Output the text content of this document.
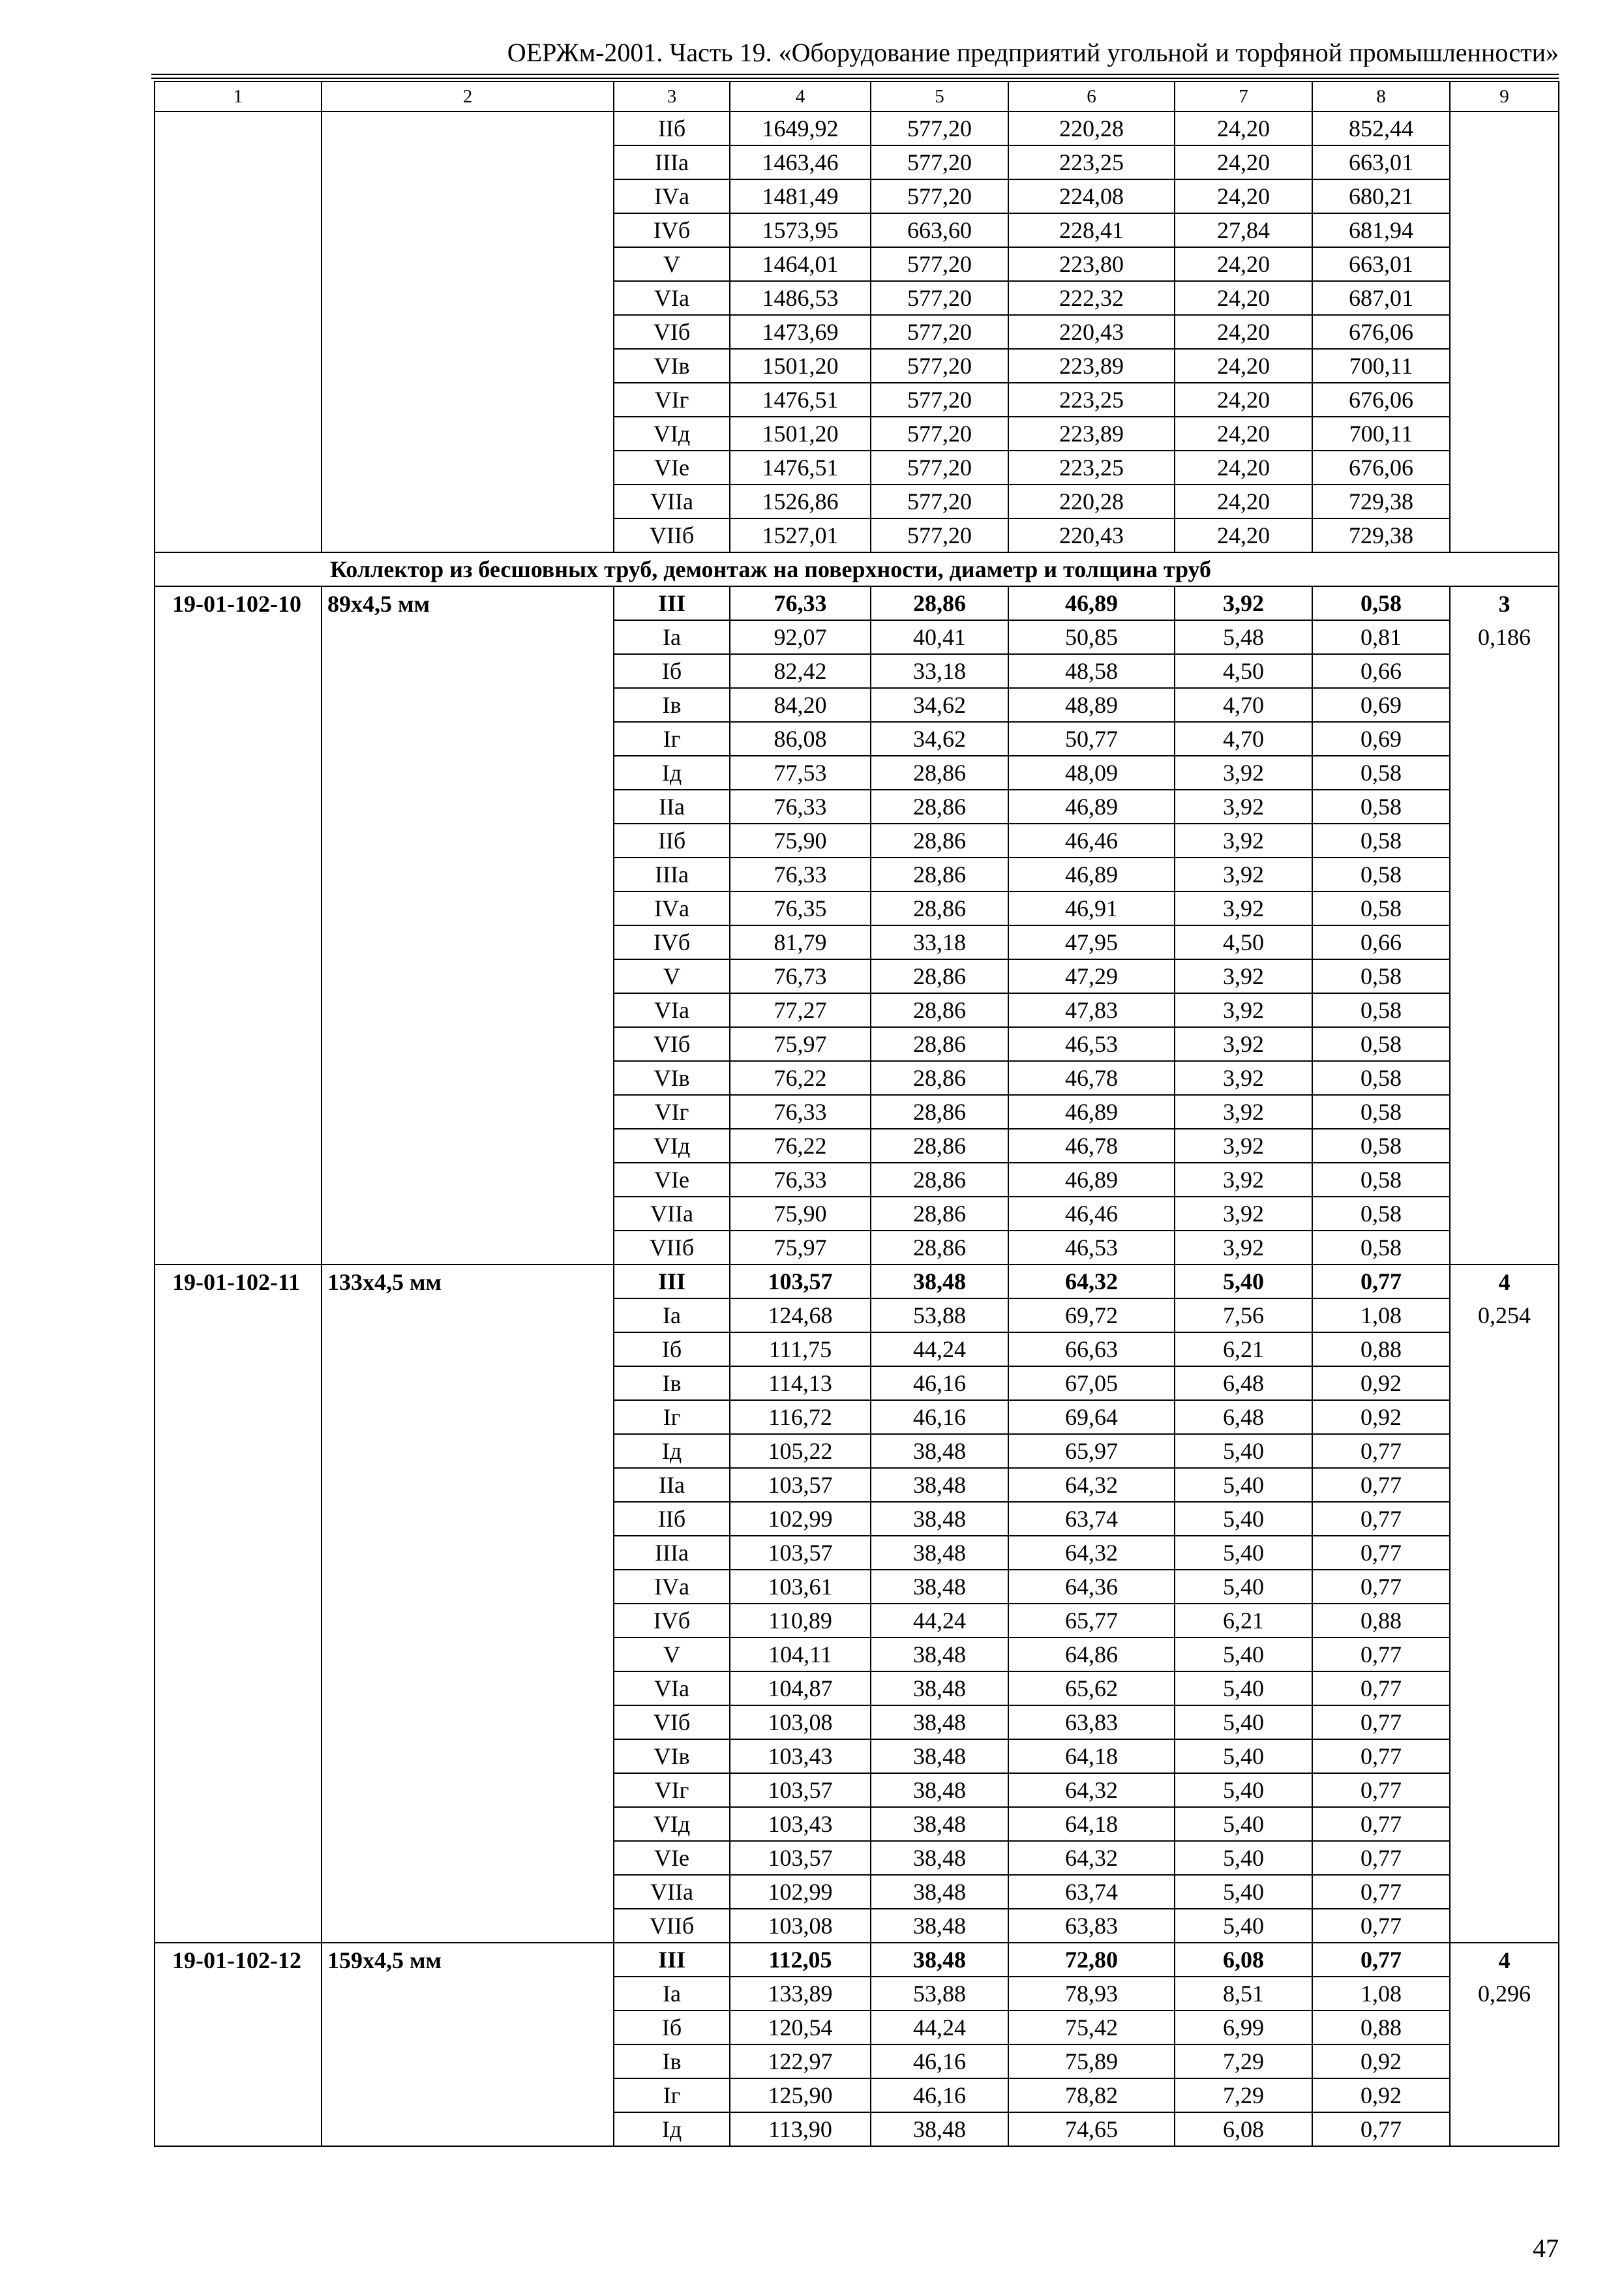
ОЕРЖм-2001. Часть 19. «Оборудование предприятий угольной и торфяной промышленности»
1	2	3	4	5	6	7	8	9
		IIб	1649,92	577,20	220,28	24,20	852,44	
		IIIа	1463,46	577,20	223,25	24,20	663,01	
		IVа	1481,49	577,20	224,08	24,20	680,21	
		IVб	1573,95	663,60	228,41	27,84	681,94	
		V	1464,01	577,20	223,80	24,20	663,01	
		VIа	1486,53	577,20	222,32	24,20	687,01	
		VIб	1473,69	577,20	220,43	24,20	676,06	
		VIв	1501,20	577,20	223,89	24,20	700,11	
		VIг	1476,51	577,20	223,25	24,20	676,06	
		VIд	1501,20	577,20	223,89	24,20	700,11	
		VIе	1476,51	577,20	223,25	24,20	676,06	
		VIIа	1526,86	577,20	220,28	24,20	729,38	
		VIIб	1527,01	577,20	220,43	24,20	729,38	
Коллектор из бесшовных труб, демонтаж на поверхности, диаметр и толщина труб								
19-01-102-10	89х4,5 мм	III	76,33	28,86	46,89	3,92	0,58	3
		Iа	92,07	40,41	50,85	5,48	0,81	0,186
		Iб	82,42	33,18	48,58	4,50	0,66	
		Iв	84,20	34,62	48,89	4,70	0,69	
		Iг	86,08	34,62	50,77	4,70	0,69	
		Iд	77,53	28,86	48,09	3,92	0,58	
		IIа	76,33	28,86	46,89	3,92	0,58	
		IIб	75,90	28,86	46,46	3,92	0,58	
		IIIа	76,33	28,86	46,89	3,92	0,58	
		IVа	76,35	28,86	46,91	3,92	0,58	
		IVб	81,79	33,18	47,95	4,50	0,66	
		V	76,73	28,86	47,29	3,92	0,58	
		VIа	77,27	28,86	47,83	3,92	0,58	
		VIб	75,97	28,86	46,53	3,92	0,58	
		VIв	76,22	28,86	46,78	3,92	0,58	
		VIг	76,33	28,86	46,89	3,92	0,58	
		VIд	76,22	28,86	46,78	3,92	0,58	
		VIе	76,33	28,86	46,89	3,92	0,58	
		VIIа	75,90	28,86	46,46	3,92	0,58	
		VIIб	75,97	28,86	46,53	3,92	0,58	
19-01-102-11	133х4,5 мм	III	103,57	38,48	64,32	5,40	0,77	4
		Iа	124,68	53,88	69,72	7,56	1,08	0,254
		Iб	111,75	44,24	66,63	6,21	0,88	
		Iв	114,13	46,16	67,05	6,48	0,92	
		Iг	116,72	46,16	69,64	6,48	0,92	
		Iд	105,22	38,48	65,97	5,40	0,77	
		IIа	103,57	38,48	64,32	5,40	0,77	
		IIб	102,99	38,48	63,74	5,40	0,77	
		IIIа	103,57	38,48	64,32	5,40	0,77	
		IVа	103,61	38,48	64,36	5,40	0,77	
		IVб	110,89	44,24	65,77	6,21	0,88	
		V	104,11	38,48	64,86	5,40	0,77	
		VIа	104,87	38,48	65,62	5,40	0,77	
		VIб	103,08	38,48	63,83	5,40	0,77	
		VIв	103,43	38,48	64,18	5,40	0,77	
		VIг	103,57	38,48	64,32	5,40	0,77	
		VIд	103,43	38,48	64,18	5,40	0,77	
		VIе	103,57	38,48	64,32	5,40	0,77	
		VIIа	102,99	38,48	63,74	5,40	0,77	
		VIIб	103,08	38,48	63,83	5,40	0,77	
19-01-102-12	159х4,5 мм	III	112,05	38,48	72,80	6,08	0,77	4
		Iа	133,89	53,88	78,93	8,51	1,08	0,296
		Iб	120,54	44,24	75,42	6,99	0,88	
		Iв	122,97	46,16	75,89	7,29	0,92	
		Iг	125,90	46,16	78,82	7,29	0,92	
		Iд	113,90	38,48	74,65	6,08	0,77	
47
